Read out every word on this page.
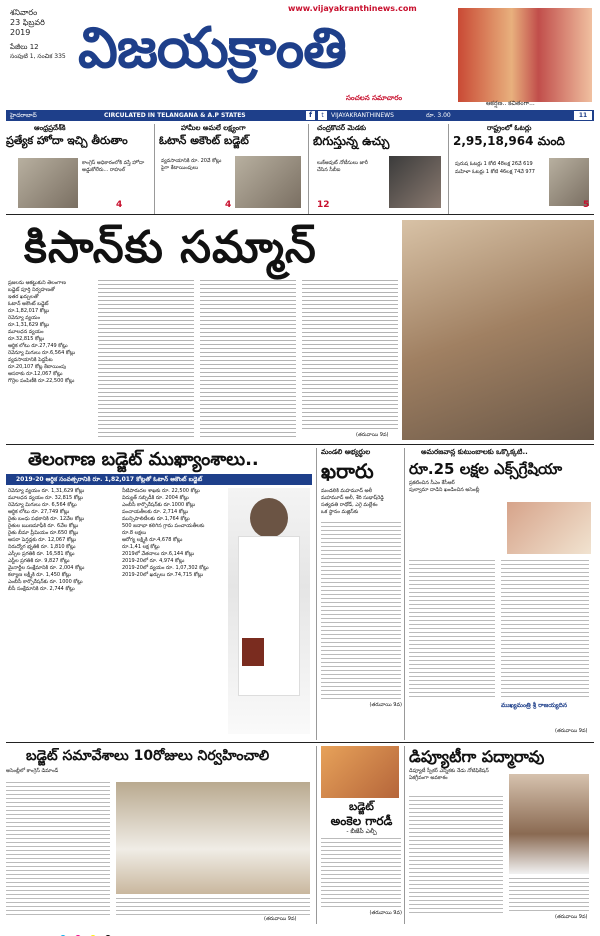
శనివారం
23 ఫిబ్రవరి
2019
పేజీలు 12
సంపుటి 1, సంచిక 335
www.vijayakranthinews.com
విజయక్రాంతి
సంచలన సమాచారం
ఆకర్షణ.. కచితంగా...
హైదరాబాద్	CIRCULATED IN TELANGANA & A.P STATES	f	t	VIJAYAKRANTHINEWS	రూ. 3.00	11
ఆంధ్రప్రదేశ్‌కి
ప్రత్యేక హోదా ఇచ్చి తీరుతాం
కాంగ్రెస్ అధికారంలోకి వస్తే హోదా అడ్డుకోలేరు... రాహుల్
4
హామీల అమలే లక్ష్యంగా
ఓటాన్ అకౌంట్ బడ్జెట్
వ్యవసాయానికి రూ. 20వే కోట్లు పైగా కేటాయింపులు
4
చంద్రకొచర్ మెడకు
బిగుస్తున్న ఉచ్చు
లుక్అవుట్ నోటీసులు జారీ చేసిన సీబీఐ
12
రాష్ట్రంలో ఓటర్లు
2,95,18,964 మంది
పురుష ఓటర్లు 1 కోటి 48లక్ష 26వే 619
మహిళా ఓటర్లు 1 కోటి 46లక్ష 74వే 977
5
కిసాన్‌కు సమ్మాన్
ప్రజలను ఆకట్టుకుని తెలంగాణ
బడ్జెట్ పూర్తి నిర్వహణతో
ఇతర ఖర్చులతో
ఓటాన్ అకౌంట్ బడ్జెట్
రూ.1,82,017 కోట్లు
రెవెన్యూ వ్యయం
రూ.1,31,629 కోట్లు
మూలధన వ్యయం
రూ.32,815 కోట్లు
ఆర్థిక లోటు రూ.27,749 కోట్లు
రెవెన్యూ మిగులు రూ.6,564 కోట్లు
వ్యవసాయానికి పెద్దపీట
రూ.20,107 కోట్ల కేటాయింపు
ఆసరాకు రూ.12,067 కోట్లు
గొర్రెల పంపిణీకి రూ.22,500 కోట్లు
(తరువాయి 9వ)
తెలంగాణ బడ్జెట్ ముఖ్యాంశాలు..
2019-20 ఆర్థిక సంవత్సరానికి రూ. 1,82,017 కోట్లతో ఓటాన్ అకౌంట్ బడ్జెట్
రెవెన్యూ వ్యయం రూ. 1,31,629 కోట్లు
మూలధన వ్యయం రూ. 32,815 కోట్లు
రెవెన్యూ మిగులు రూ. 6,564 కోట్లు
ఆర్థిక లోటు రూ. 27,749 కోట్లు
రైతు బంధు పథకానికి రూ. 12వేల కోట్లు
రైతుల ఋణమాఫీకి రూ. 6వేల కోట్లు
రైతు బీమా ప్రీమియం రూ.650 కోట్లు
ఆసరా పెన్షన్లకు రూ. 12,067 కోట్లు
నిరుద్యోగ భృతికి రూ. 1,810 కోట్లు
ఎస్సీల ప్రగతికి రూ. 16,581 కోట్లు
ఎస్టీల ప్రగతికి రూ. 9,827 కోట్లు
మైనార్టీల సంక్షేమానికి రూ. 2,004 కోట్లు
కల్యాణ లక్ష్మీకి రూ. 1,450 కోట్లు
ఎంబీసీ కార్పొరేషన్‌కు రూ. 1000 కోట్లు
బీసీ సంక్షేమానికి రూ. 2,744 కోట్లు
నీటిపారుదల శాఖకు రూ. 22,500 కోట్లు
విద్యుత్ సబ్సిడీకి రూ. 2004 కోట్లు
ఎంబీసీ కార్పొరేషన్‌కు రూ.1000 కోట్లు
పంచాయతీలకు రూ. 2,714 కోట్లు
మున్సిపాలిటీలకు రూ.1,764 కోట్లు
500 జనాభా కలిగిన గ్రామ పంచాయతీలకు
రూ.8 లక్షలు
ఆరోగ్య లక్ష్మికి రూ.4,678 కోట్లు
రూ.1,41 లక్ష కోట్లు
2019లో వేతనాలు రూ.6,144 కోట్లు
2019-20లో రూ. 4,974 కోట్లు
2019-20లో వ్యయం రూ. 1,07,302 కోట్లు
2019-20లో ఖర్చులు రూ.74,715 కోట్లు
మండలి అభ్యర్థుల
ఖరారు
మండలికి మహమూద్ అలీ
మహమూద్ అలీ, శేరి సుభాష్‌రెడ్డి
సత్యవతి రాథోడ్, ఎగ్గె మల్లేశం
ఒక స్థానం మజ్లిస్‌కు
(తరువాయి 9వ)
అమరజవాన్ల కుటుంబాలకు ఒక్కొక్కటి..
రూ.25 లక్షల ఎక్స్‌గ్రేషియా
ప్రకటించిన సీఎం కేసీఆర్
పుల్వామా దాడిని ఖండించిన అసెంబ్లీ
ముఖ్యమంత్రి శ్రీ రాజయ్యదిన
(తరువాయి 9వ)
బడ్జెట్ సమావేశాలు 10రోజులు నిర్వహించాలి
అసెంబ్లీలో కాంగ్రెస్ డిమాండ్
(తరువాయి 9వ)
బడ్జెట్
అంకెల గారడీ
- బీజేపీ ఎల్పీ
(తరువాయి 9వ)
డిప్యూటీగా పద్మారావు
డిప్యూటీ స్పీకర్ ఎన్నికకు నేడు నోటిఫికేషన్
ఏకగ్రీవంగా అవకాశం
(తరువాయి 9వ)
